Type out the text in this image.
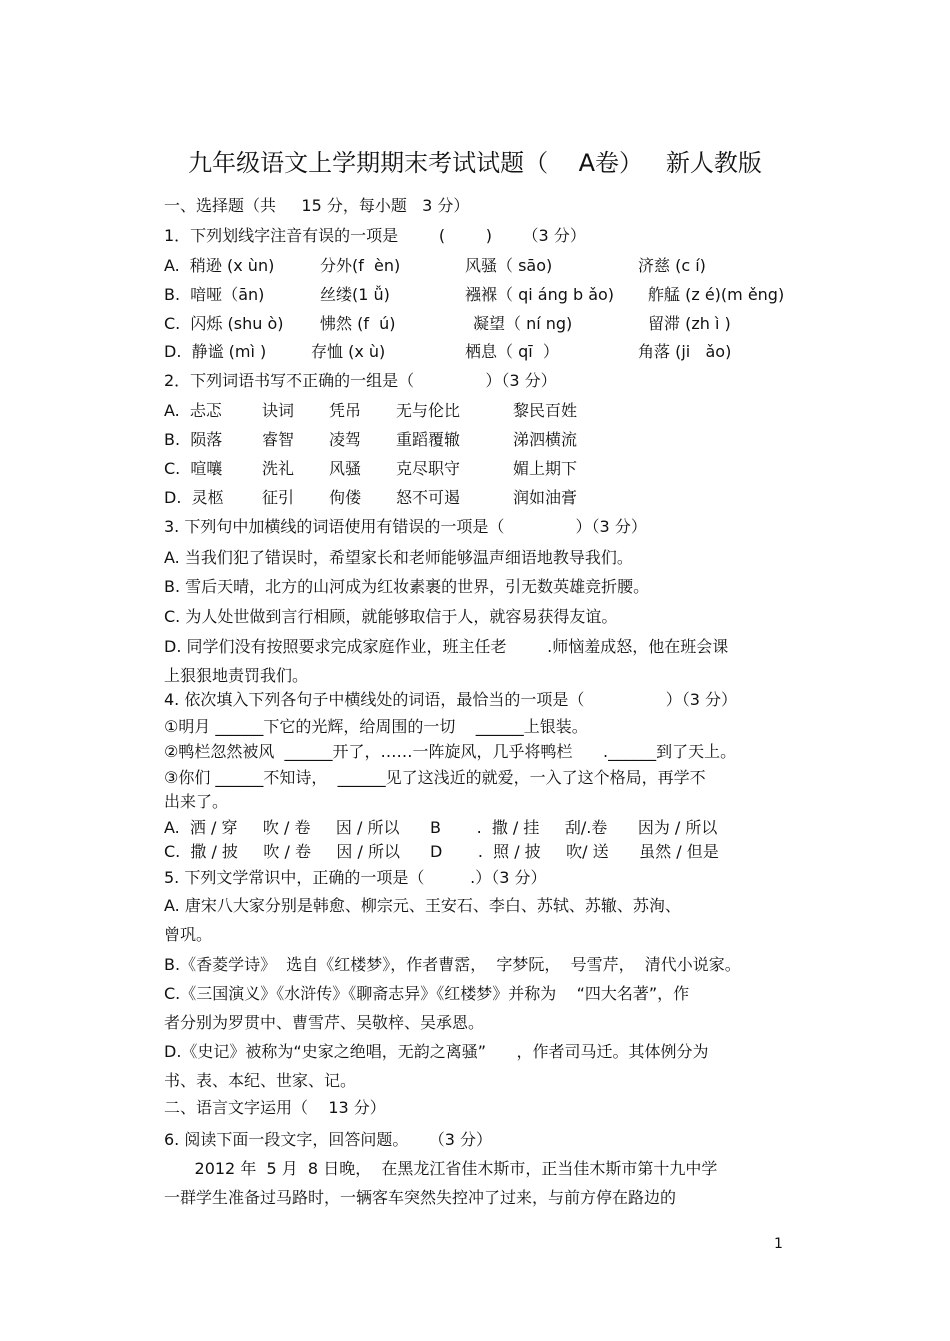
九年级语文上学期期末考试试题（    A卷）   新人教版
一、选择题（共     15 分，每小题   3 分）
1．下列划线字注音有误的一项是        (        )      （3 分）
A.  稍逊 (x ùn)	分外(f  èn)	风骚（ sāo)	济慈 (c í)
B.  喑哑（ān)	丝缕(1 ǚ)	襁褓（ qi áng b ǎo) 舴艋 (z é)(m ěng)
C.  闪烁 (shu ò) 怫然 (f  ú)	凝望（ ní ng)	留滞 (zh ì )
D.  静谧 (mì )	存恤 (x ù)	栖息（ qī  ）	角落 (ji   ǎo)
2．下列词语书写不正确的一组是（              ）（3 分）
A.  忐忑	诀词 凭吊 无与伦比	黎民百姓
B.  陨落 睿智 凌驾 重蹈覆辙	涕泗横流
C.  喧嚷 洗礼 风骚 克尽职守	媚上期下
D.  灵柩 征引 佝偻 怒不可遏	润如油膏
3. 下列句中加横线的词语使用有错误的一项是（              ）（3 分）
A. 当我们犯了错误时，希望家长和老师能够温声细语地教导我们。
B. 雪后天晴，北方的山河成为红妆素裹的世界，引无数英雄竞折腰。
C. 为人处世做到言行相顾，就能够取信于人，就容易获得友谊。
D. 同学们没有按照要求完成家庭作业，班主任老        .师恼羞成怒，他在班会课
上狠狠地责罚我们。
4. 依次填入下列各句子中横线处的词语，最恰当的一项是（                ）（3 分）
①明月 ______下它的光辉，给周围的一切    ______上银装。
②鸭栏忽然被风  ______开了，……一阵旋风，几乎将鸭栏      .______到了天上。
③你们 ______不知诗，  ______见了这浅近的就爱，一入了这个格局，再学不
出来了。
A.  洒 / 穿     吹 / 卷     因 / 所以 B       .  撒 / 挂     刮/.卷      因为 / 所以
C.  撒 / 披     吹 / 卷     因 / 所以 D       .  照 / 披     吹/ 送      虽然 / 但是
5. 下列文学常识中，正确的一项是（         .）（3 分）
A. 唐宋八大家分别是韩愈、柳宗元、王安石、李白、苏轼、苏辙、苏洵、
曾巩。
B.《香菱学诗》  选自《红楼梦》，作者曹霑，  字梦阮，  号雪芹，  清代小说家。
C.《三国演义》《水浒传》《聊斋志异》《红楼梦》并称为    “四大名著”，作
者分别为罗贯中、曹雪芹、吴敬梓、吴承恩。
D.《史记》被称为“史家之绝唱，无韵之离骚”      ，作者司马迁。其体例分为
书、表、本纪、世家、记。
二、语言文字运用（    13 分）
6. 阅读下面一段文字，回答问题。    （3 分）
2012 年  5 月  8 日晚，  在黑龙江省佳木斯市，正当佳木斯市第十九中学
一群学生准备过马路时，一辆客车突然失控冲了过来，与前方停在路边的
1
